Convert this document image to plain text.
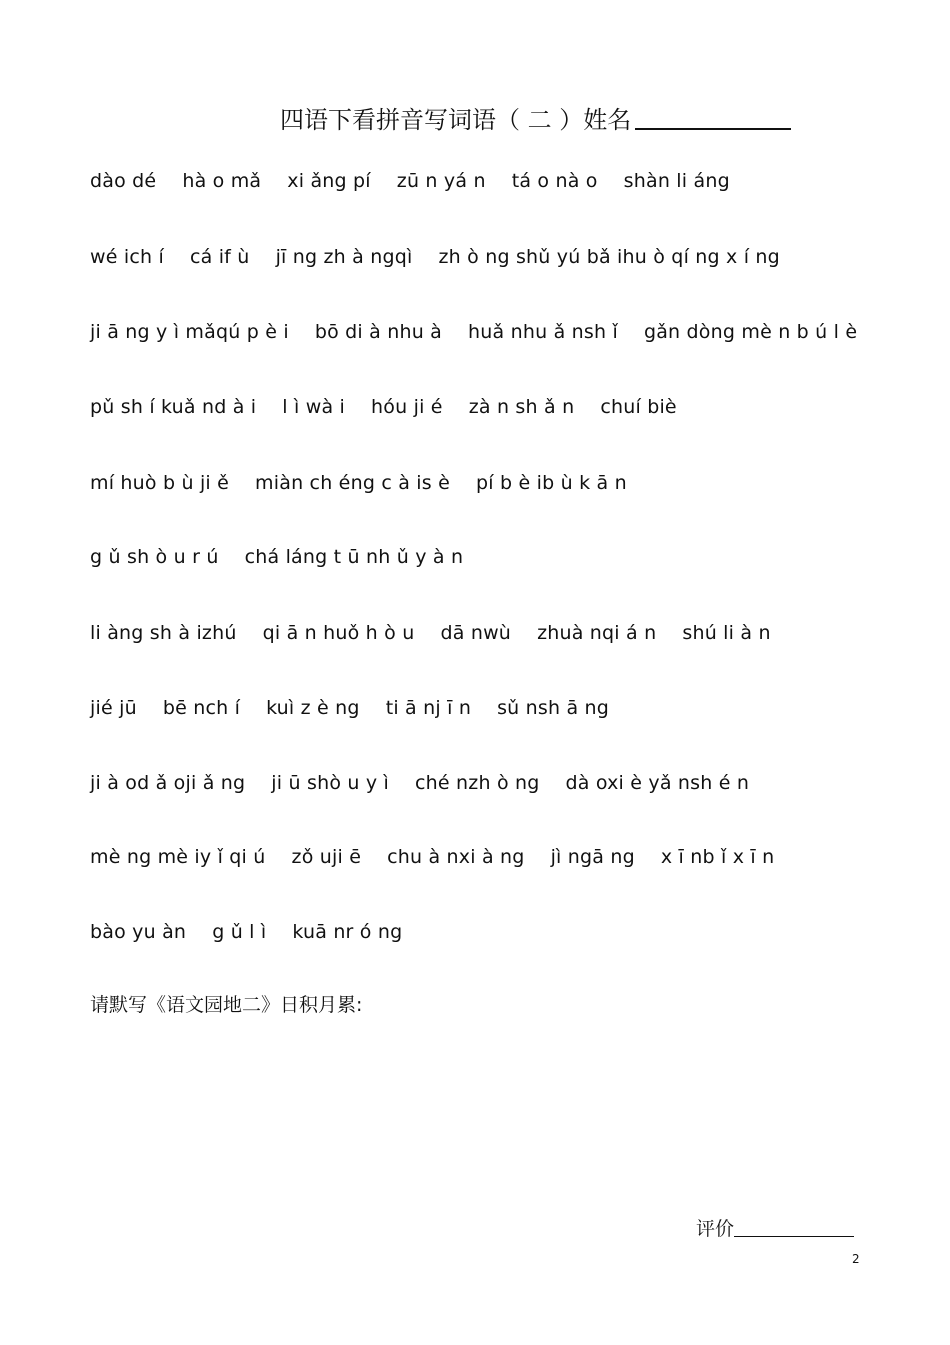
四语下看拼音写词语（ 二 ）姓名
dào dé hà o mǎ xi ǎng pí zū n yá n tá o nà o shàn li áng
wé ich í cá if ù jī ng zh à ngqì zh ò ng shǔ yú bǎ ihu ò qí ng x í ng
ji ā ng y ì mǎqú p è i bō di à nhu à huǎ nhu ǎ nsh ǐ gǎn dòng mè n b ú l è
pǔ sh í kuǎ nd à i l ì wà i hóu ji é zà n sh ǎ n chuí biè
mí huò b ù ji ě miàn ch éng c à is è pí b è ib ù k ā n
g ǔ sh ò u r ú chá láng t ū nh ǔ y à n
li àng sh à izhú qi ā n huǒ h ò u dā nwù zhuà nqi á n shú li à n
jié jū bē nch í kuì z è ng ti ā nj ī n sǔ nsh ā ng
ji à od ǎ oji ǎ ng ji ū shò u y ì ché nzh ò ng dà oxi è yǎ nsh é n
mè ng mè iy ǐ qi ú zǒ uji ē chu à nxi à ng jì ngā ng x ī nb ǐ x ī n
bào yu àn g ǔ l ì kuā nr ó ng
请默写《语文园地二》日积月累:
评价
2
